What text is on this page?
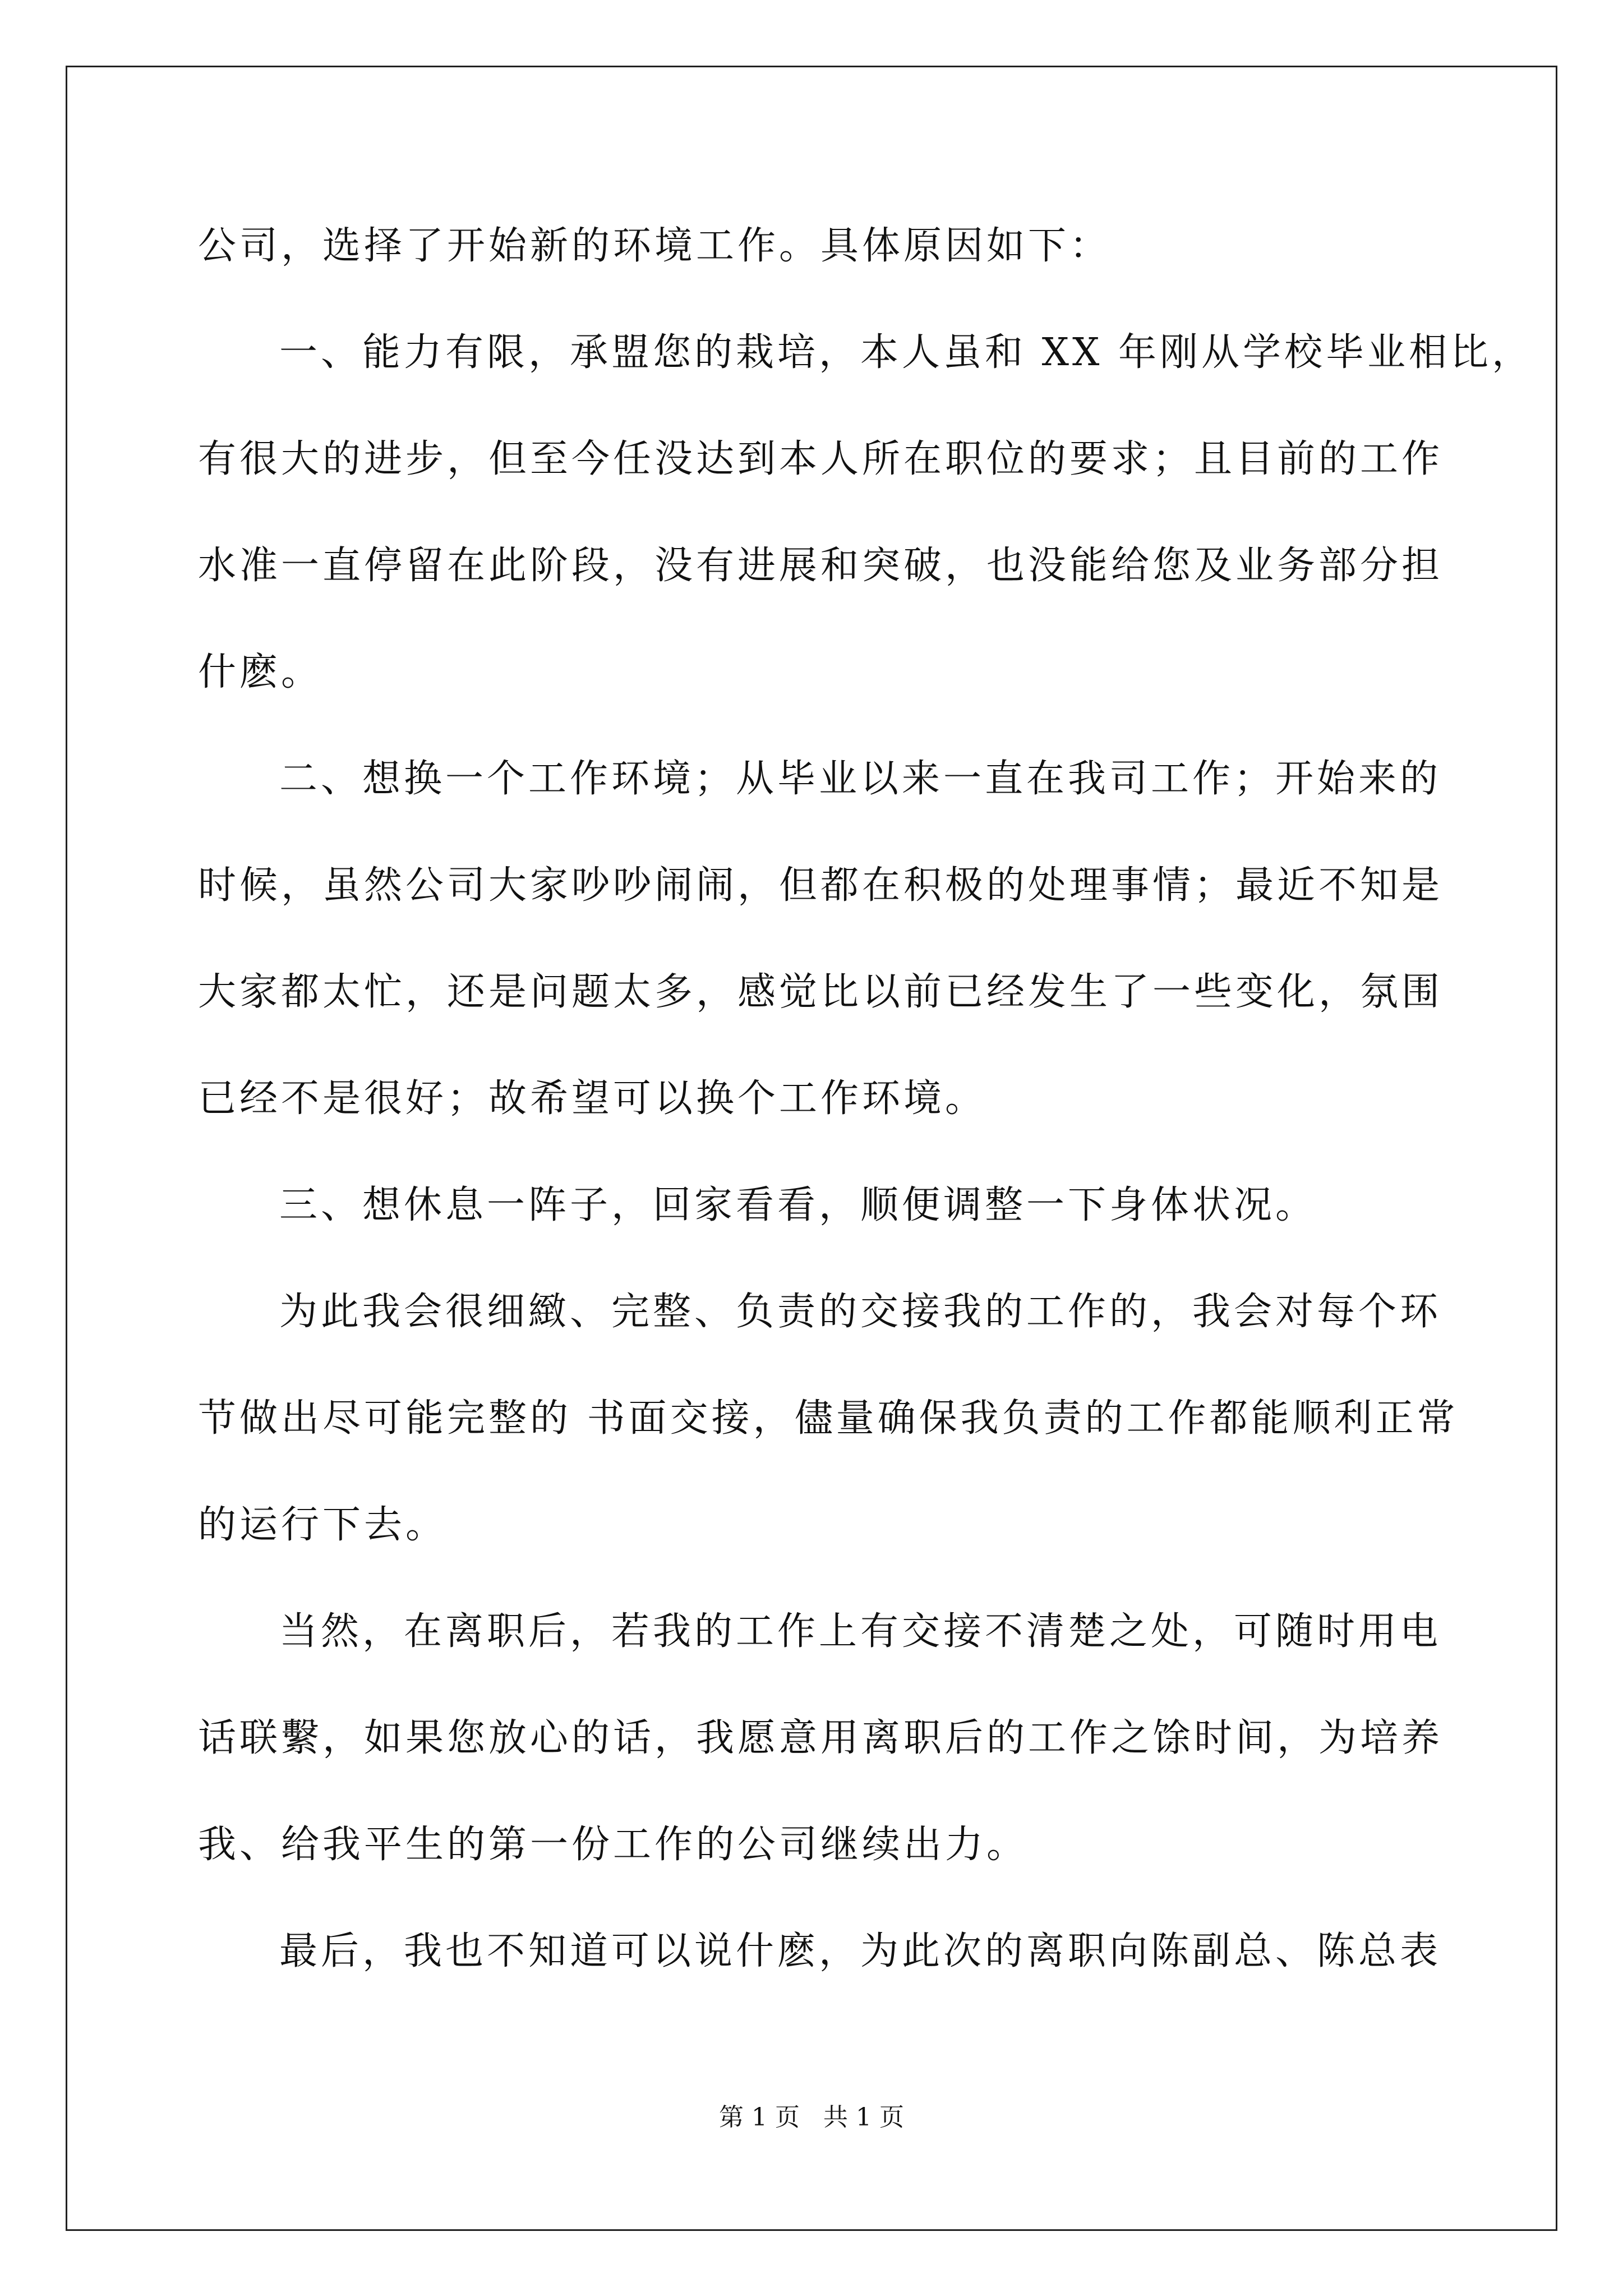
公司，选择了开始新的环境工作。具体原因如下：
一、能力有限，承盟您的栽培，本人虽和 XX 年刚从学校毕业相比，
有很大的进步，但至今任没达到本人所在职位的要求；且目前的工作
水准一直停留在此阶段，没有进展和突破，也没能给您及业务部分担
什麽。
二、想换一个工作环境；从毕业以来一直在我司工作；开始来的
时候，虽然公司大家吵吵闹闹，但都在积极的处理事情；最近不知是
大家都太忙，还是问题太多，感觉比以前已经发生了一些变化，氛围
已经不是很好；故希望可以换个工作环境。
三、想休息一阵子，回家看看，顺便调整一下身体状况。
为此我会很细緻、完整、负责的交接我的工作的，我会对每个环
节做出尽可能完整的 书面交接，儘量确保我负责的工作都能顺利正常
的运行下去。
当然，在离职后，若我的工作上有交接不清楚之处，可随时用电
话联繫，如果您放心的话，我愿意用离职后的工作之馀时间，为培养
我、给我平生的第一份工作的公司继续出力。
最后，我也不知道可以说什麽，为此次的离职向陈副总、陈总表
第 1 页   共 1 页
